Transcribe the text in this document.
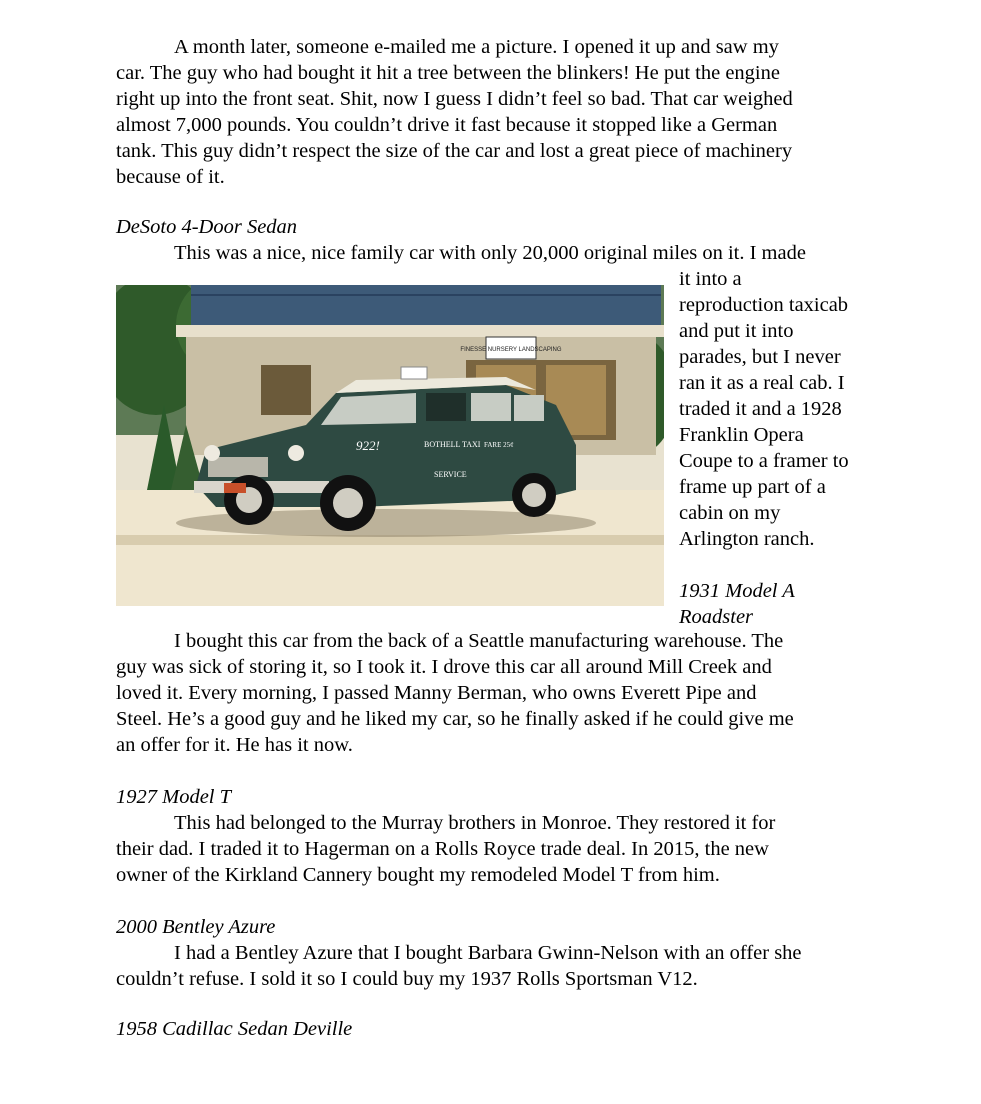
A month later, someone e-mailed me a picture. I opened it up and saw my
car. The guy who had bought it hit a tree between the blinkers! He put the engine
right up into the front seat. Shit, now I guess I didn’t feel so bad. That car weighed
almost 7,000 pounds. You couldn’t drive it fast because it stopped like a German
tank. This guy didn’t respect the size of the car and lost a great piece of machinery
because of it.
DeSoto 4-Door Sedan
This was a nice, nice family car with only 20,000 original miles on it. I made
FINESSE NURSERY LANDSCAPING
922!	BOTHELL TAXI
SERVICE
FARE 25¢
it into a
reproduction taxicab
and put it into
parades, but I never
ran it as a real cab. I
traded it and a 1928
Franklin Opera
Coupe to a framer to
frame up part of a
cabin on my
Arlington ranch.
1931 Model A
Roadster
I bought this car from the back of a Seattle manufacturing warehouse. The
guy was sick of storing it, so I took it. I drove this car all around Mill Creek and
loved it. Every morning, I passed Manny Berman, who owns Everett Pipe and
Steel. He’s a good guy and he liked my car, so he finally asked if he could give me
an offer for it. He has it now.
1927 Model T
This had belonged to the Murray brothers in Monroe. They restored it for
their dad. I traded it to Hagerman on a Rolls Royce trade deal. In 2015, the new
owner of the Kirkland Cannery bought my remodeled Model T from him.
2000 Bentley Azure
I had a Bentley Azure that I bought Barbara Gwinn-Nelson with an offer she
couldn’t refuse. I sold it so I could buy my 1937 Rolls Sportsman V12.
1958 Cadillac Sedan Deville
